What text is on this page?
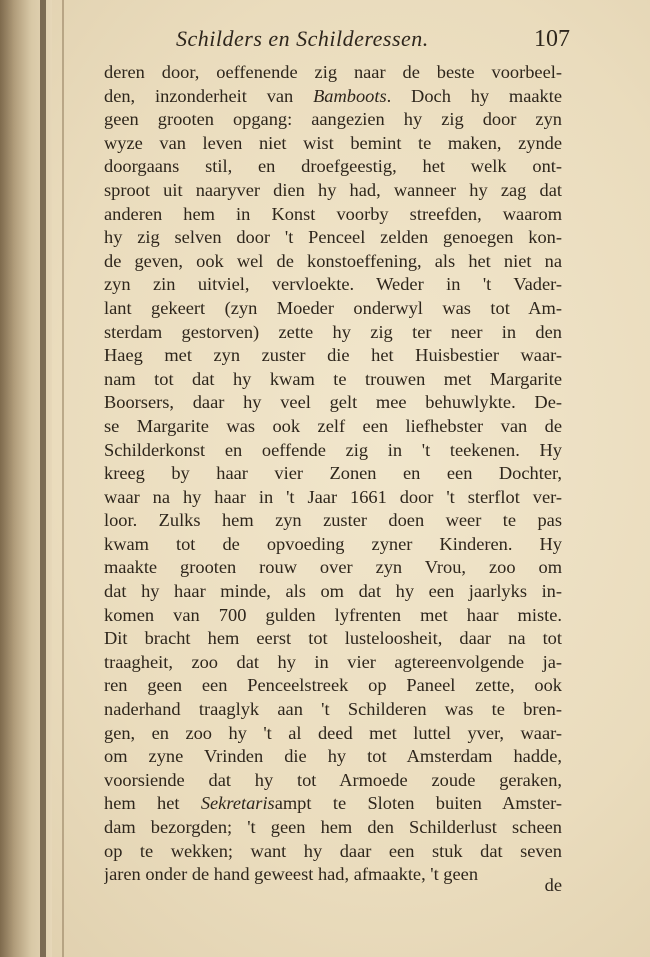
Schilders en Schilderessen.	107
deren door, oeffenende zig naar de beste voorbeel-
den, inzonderheit van Bamboots. Doch hy maakte
geen grooten opgang: aangezien hy zig door zyn
wyze van leven niet wist bemint te maken, zynde
doorgaans stil, en droefgeestig, het welk ont-
sproot uit naaryver dien hy had, wanneer hy zag dat
anderen hem in Konst voorby streefden, waarom
hy zig selven door 't Penceel zelden genoegen kon-
de geven, ook wel de konstoeffening, als het niet na
zyn zin uitviel, vervloekte. Weder in 't Vader-
lant gekeert (zyn Moeder onderwyl was tot Am-
sterdam gestorven) zette hy zig ter neer in den
Haeg met zyn zuster die het Huisbestier waar-
nam tot dat hy kwam te trouwen met Margarite
Boorsers, daar hy veel gelt mee behuwlykte. De-
se Margarite was ook zelf een liefhebster van de
Schilderkonst en oeffende zig in 't teekenen. Hy
kreeg by haar vier Zonen en een Dochter,
waar na hy haar in 't Jaar 1661 door 't sterflot ver-
loor. Zulks hem zyn zuster doen weer te pas
kwam tot de opvoeding zyner Kinderen. Hy
maakte grooten rouw over zyn Vrou, zoo om
dat hy haar minde, als om dat hy een jaarlyks in-
komen van 700 gulden lyfrenten met haar miste.
Dit bracht hem eerst tot lusteloosheit, daar na tot
traagheit, zoo dat hy in vier agtereenvolgende ja-
ren geen een Penceelstreek op Paneel zette, ook
naderhand traaglyk aan 't Schilderen was te bren-
gen, en zoo hy 't al deed met luttel yver, waar-
om zyne Vrinden die hy tot Amsterdam hadde,
voorsiende dat hy tot Armoede zoude geraken,
hem het Sekretarisampt te Sloten buiten Amster-
dam bezorgden; 't geen hem den Schilderlust scheen
op te wekken; want hy daar een stuk dat seven
jaren onder de hand geweest had, afmaakte, 't geen
de
